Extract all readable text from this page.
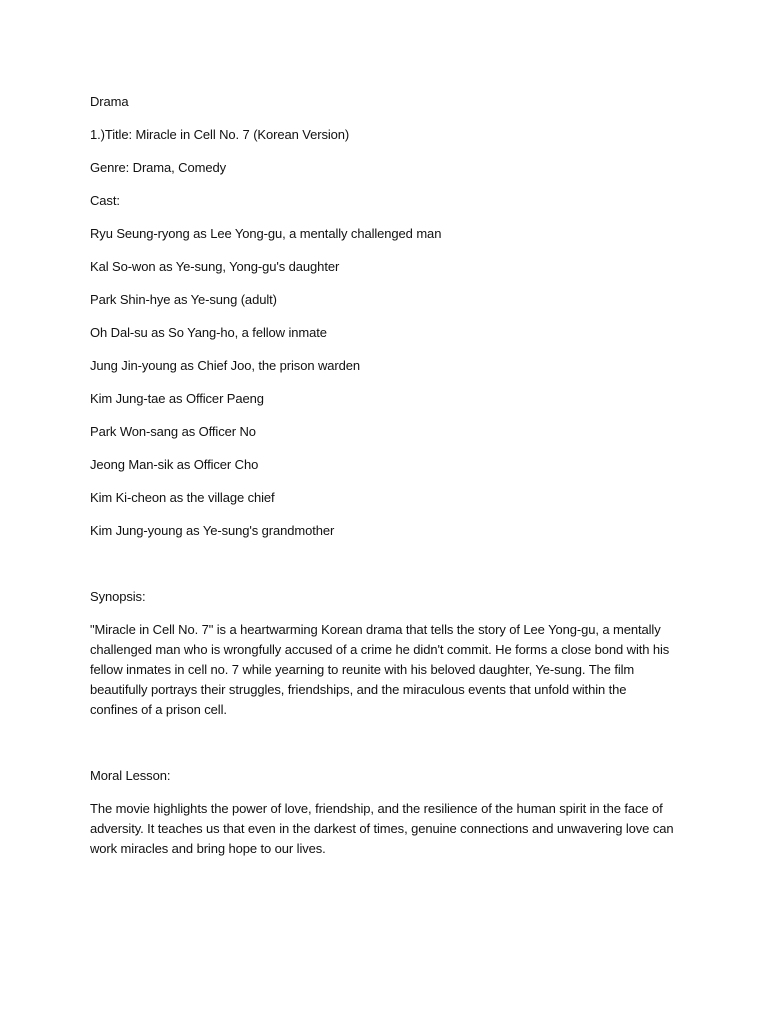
Drama

1.)Title: Miracle in Cell No. 7 (Korean Version)

Genre: Drama, Comedy

Cast:

Ryu Seung-ryong as Lee Yong-gu, a mentally challenged man

Kal So-won as Ye-sung, Yong-gu's daughter

Park Shin-hye as Ye-sung (adult)

Oh Dal-su as So Yang-ho, a fellow inmate

Jung Jin-young as Chief Joo, the prison warden

Kim Jung-tae as Officer Paeng

Park Won-sang as Officer No

Jeong Man-sik as Officer Cho

Kim Ki-cheon as the village chief

Kim Jung-young as Ye-sung's grandmother

Synopsis:

"Miracle in Cell No. 7" is a heartwarming Korean drama that tells the story of Lee Yong-gu, a mentally challenged man who is wrongfully accused of a crime he didn't commit. He forms a close bond with his fellow inmates in cell no. 7 while yearning to reunite with his beloved daughter, Ye-sung. The film beautifully portrays their struggles, friendships, and the miraculous events that unfold within the confines of a prison cell.

Moral Lesson:

The movie highlights the power of love, friendship, and the resilience of the human spirit in the face of adversity. It teaches us that even in the darkest of times, genuine connections and unwavering love can work miracles and bring hope to our lives.
